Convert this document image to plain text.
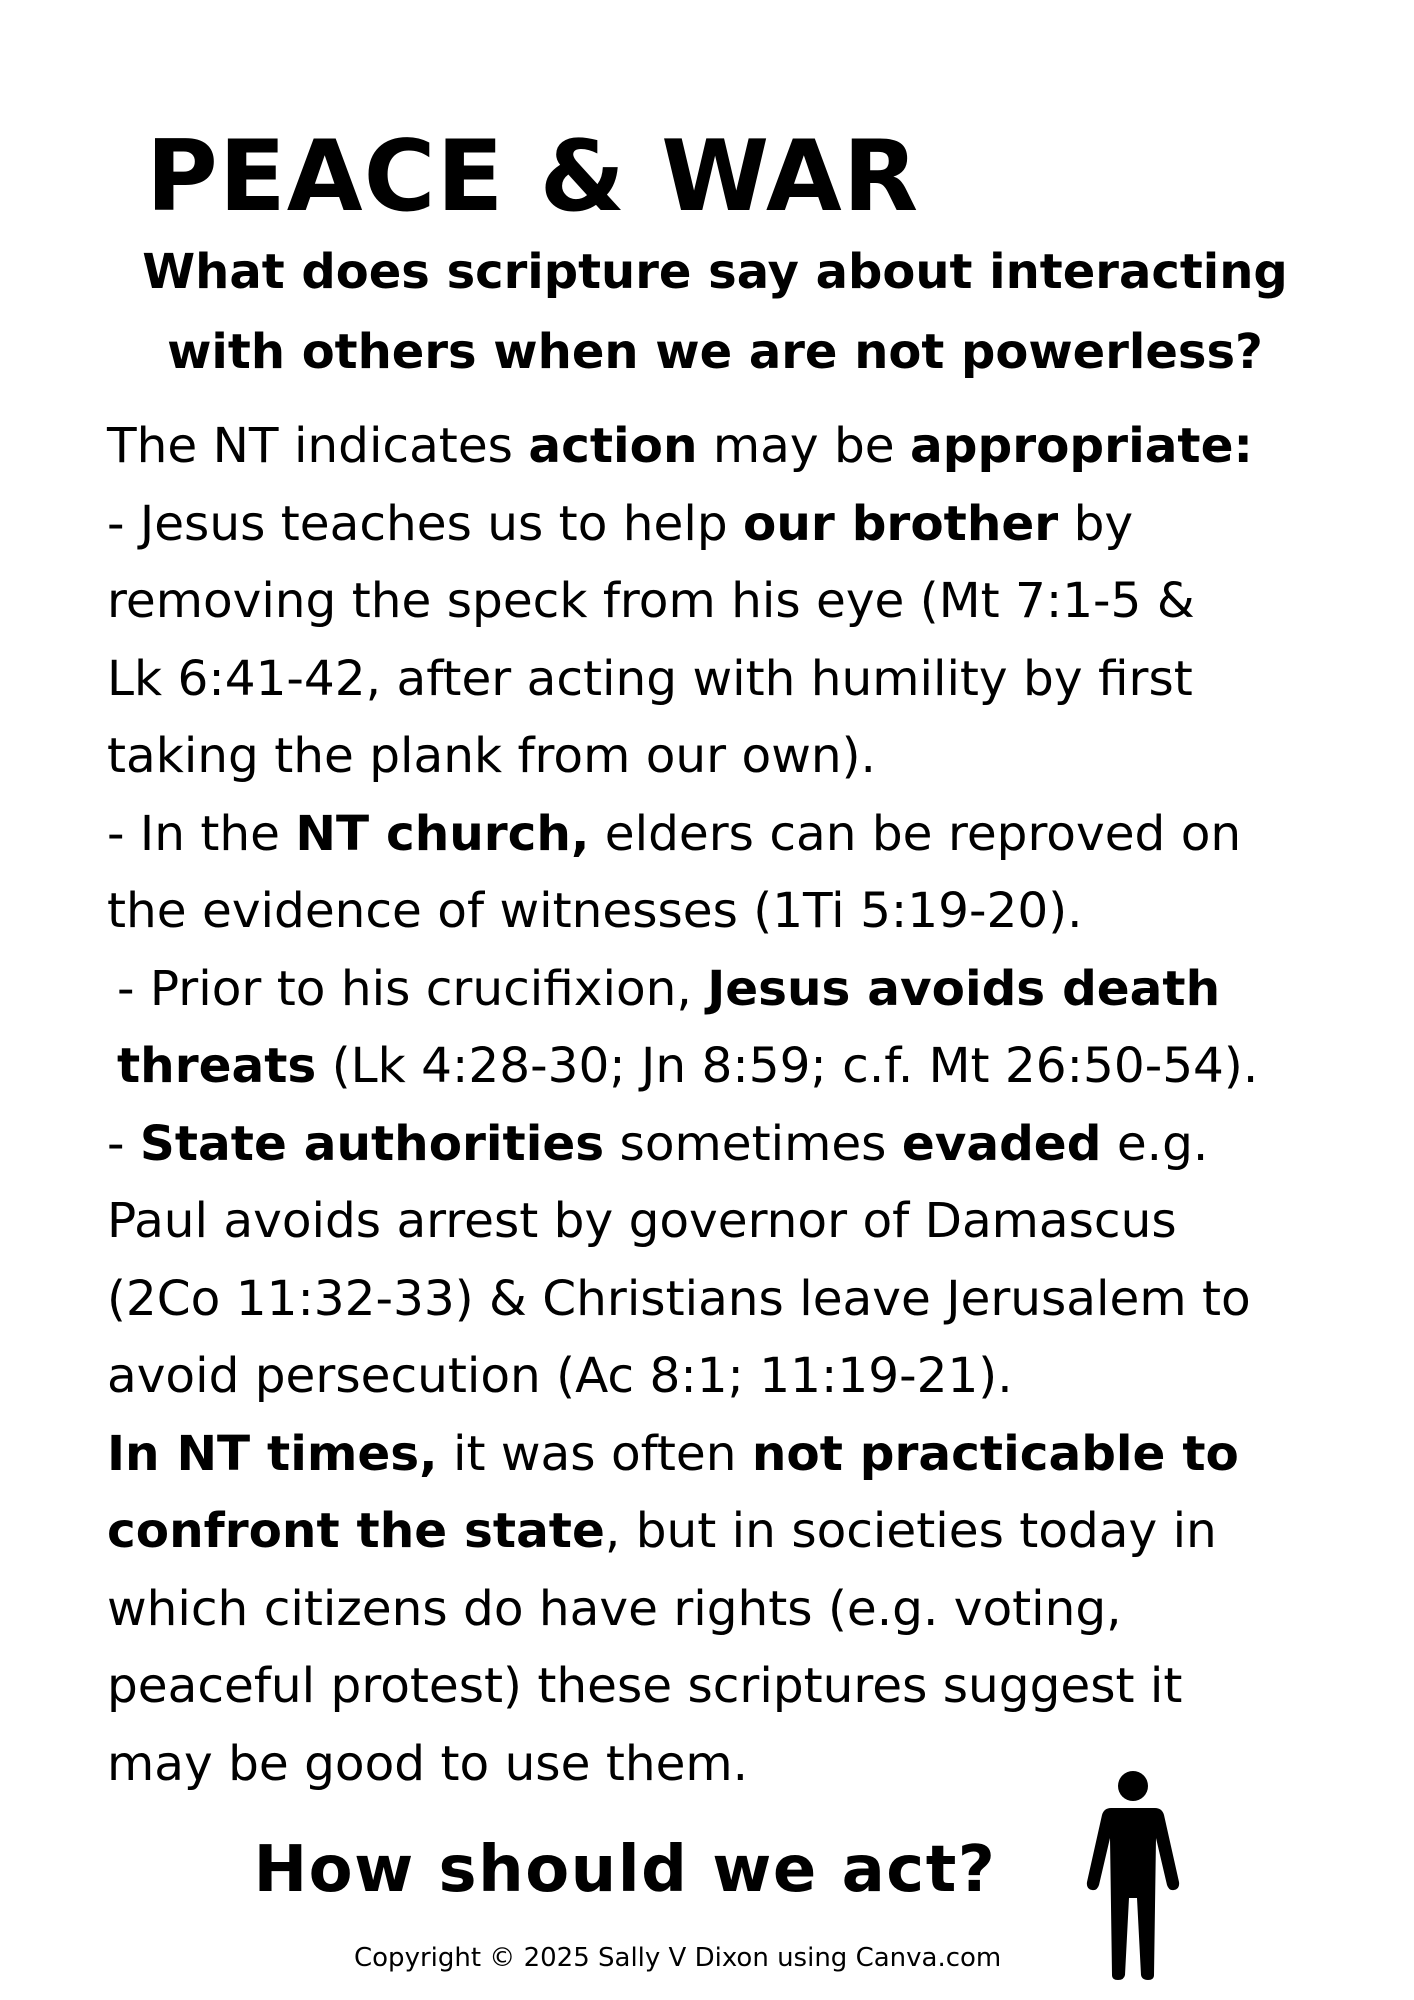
PEACE & WAR
What does scripture say about interacting
with others when we are not powerless?
The NT indicates action may be appropriate:
- Jesus teaches us to help our brother by
removing the speck from his eye (Mt 7:1-5 &
Lk 6:41-42, after acting with humility by first
taking the plank from our own).
- In the NT church, elders can be reproved on
the evidence of witnesses (1Ti 5:19-20).
- Prior to his crucifixion, Jesus avoids death
threats (Lk 4:28-30; Jn 8:59; c.f. Mt 26:50-54).
- State authorities sometimes evaded e.g.
Paul avoids arrest by governor of Damascus
(2Co 11:32-33) & Christians leave Jerusalem to
avoid persecution (Ac 8:1; 11:19-21).
In NT times, it was often not practicable to
confront the state, but in societies today in
which citizens do have rights (e.g. voting,
peaceful protest) these scriptures suggest it
may be good to use them.
How should we act?
Copyright © 2025 Sally V Dixon using Canva.com
